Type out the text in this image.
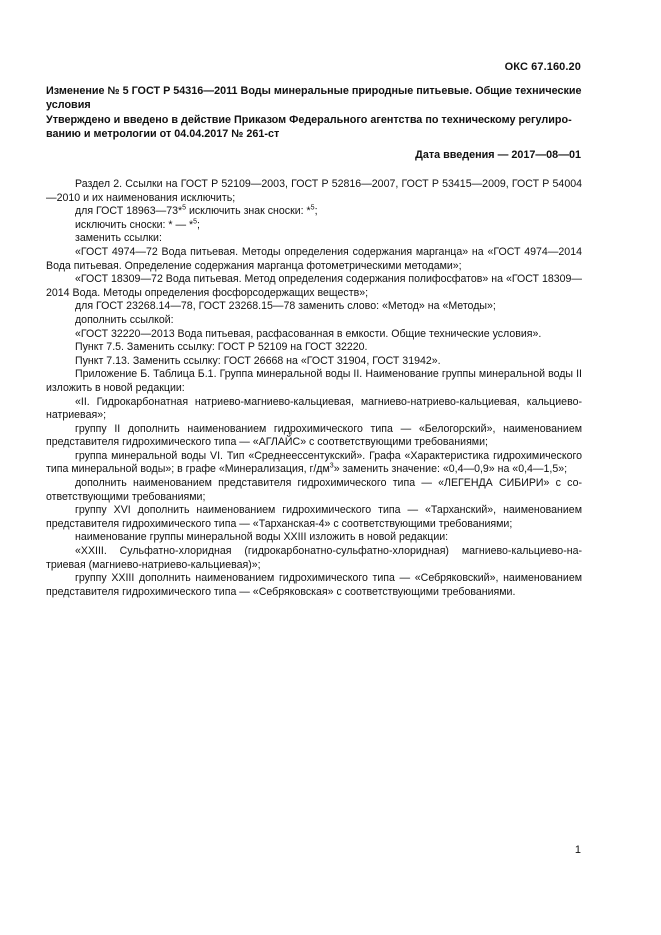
ОКС 67.160.20
Изменение № 5 ГОСТ Р 54316—2011 Воды минеральные природные питьевые. Общие технические условия
Утверждено и введено в действие Приказом Федерального агентства по техническому регулированию и метрологии от 04.04.2017 № 261-ст
Дата введения — 2017—08—01

Раздел 2. Ссылки на ГОСТ Р 52109—2003, ГОСТ Р 52816—2007, ГОСТ Р 53415—2009, ГОСТ Р 54004—2010 и их наименования исключить;

для ГОСТ 18963—73*$^5$ исключить знак сноски: *$^5$;

исключить сноски: * — *$^5$;

заменить ссылки:

«ГОСТ 4974—72 Вода питьевая. Методы определения содержания марганца» на «ГОСТ 4974—2014 Вода питьевая. Определение содержания марганца фотометрическими методами»;

«ГОСТ 18309—72 Вода питьевая. Метод определения содержания полифосфатов» на «ГОСТ 18309—2014 Вода. Методы определения фосфорсодержащих веществ»;

для ГОСТ 23268.14—78, ГОСТ 23268.15—78 заменить слово: «Метод» на «Методы»;

дополнить ссылкой:

«ГОСТ 32220—2013 Вода питьевая, расфасованная в емкости. Общие технические условия».

Пункт 7.5. Заменить ссылку: ГОСТ Р 52109 на ГОСТ 32220.

Пункт 7.13. Заменить ссылку: ГОСТ 26668 на «ГОСТ 31904, ГОСТ 31942».

Приложение Б. Таблица Б.1. Группа минеральной воды II. Наименование группы минеральной воды II изложить в новой редакции:

«II. Гидрокарбонатная натриево-магниево-кальциевая, магниево-натриево-кальциевая, кальциево-натриевая»;

группу II дополнить наименованием гидрохимического типа — «Белогорский», наименованием представителя гидрохимического типа — «АГЛАЙС» с соответствующими требованиями;

группа минеральной воды VI. Тип «Среднеессентукский». Графа «Характеристика гидрохимического типа минеральной воды»; в графе «Минерализация, $г/дм^3$» заменить значение: «0,4—0,9» на «0,4—1,5»;

дополнить наименованием представителя гидрохимического типа — «ЛЕГЕНДА СИБИРИ» с соответствующими требованиями;

группу XVI дополнить наименованием гидрохимического типа — «Тарханский», наименованием представителя гидрохимического типа — «Тарханская-4» с соответствующими требованиями;

наименование группы минеральной воды XXIII изложить в новой редакции:

«XXIII. Сульфатно-хлоридная (гидрокарбонатно-сульфатно-хлоридная) магниево-кальциево-натриевая (магниево-натриево-кальциевая)»;

группу XXIII дополнить наименованием гидрохимического типа — «Себряковский», наименованием представителя гидрохимического типа — «Себряковская» с соответствующими требованиями.

1
